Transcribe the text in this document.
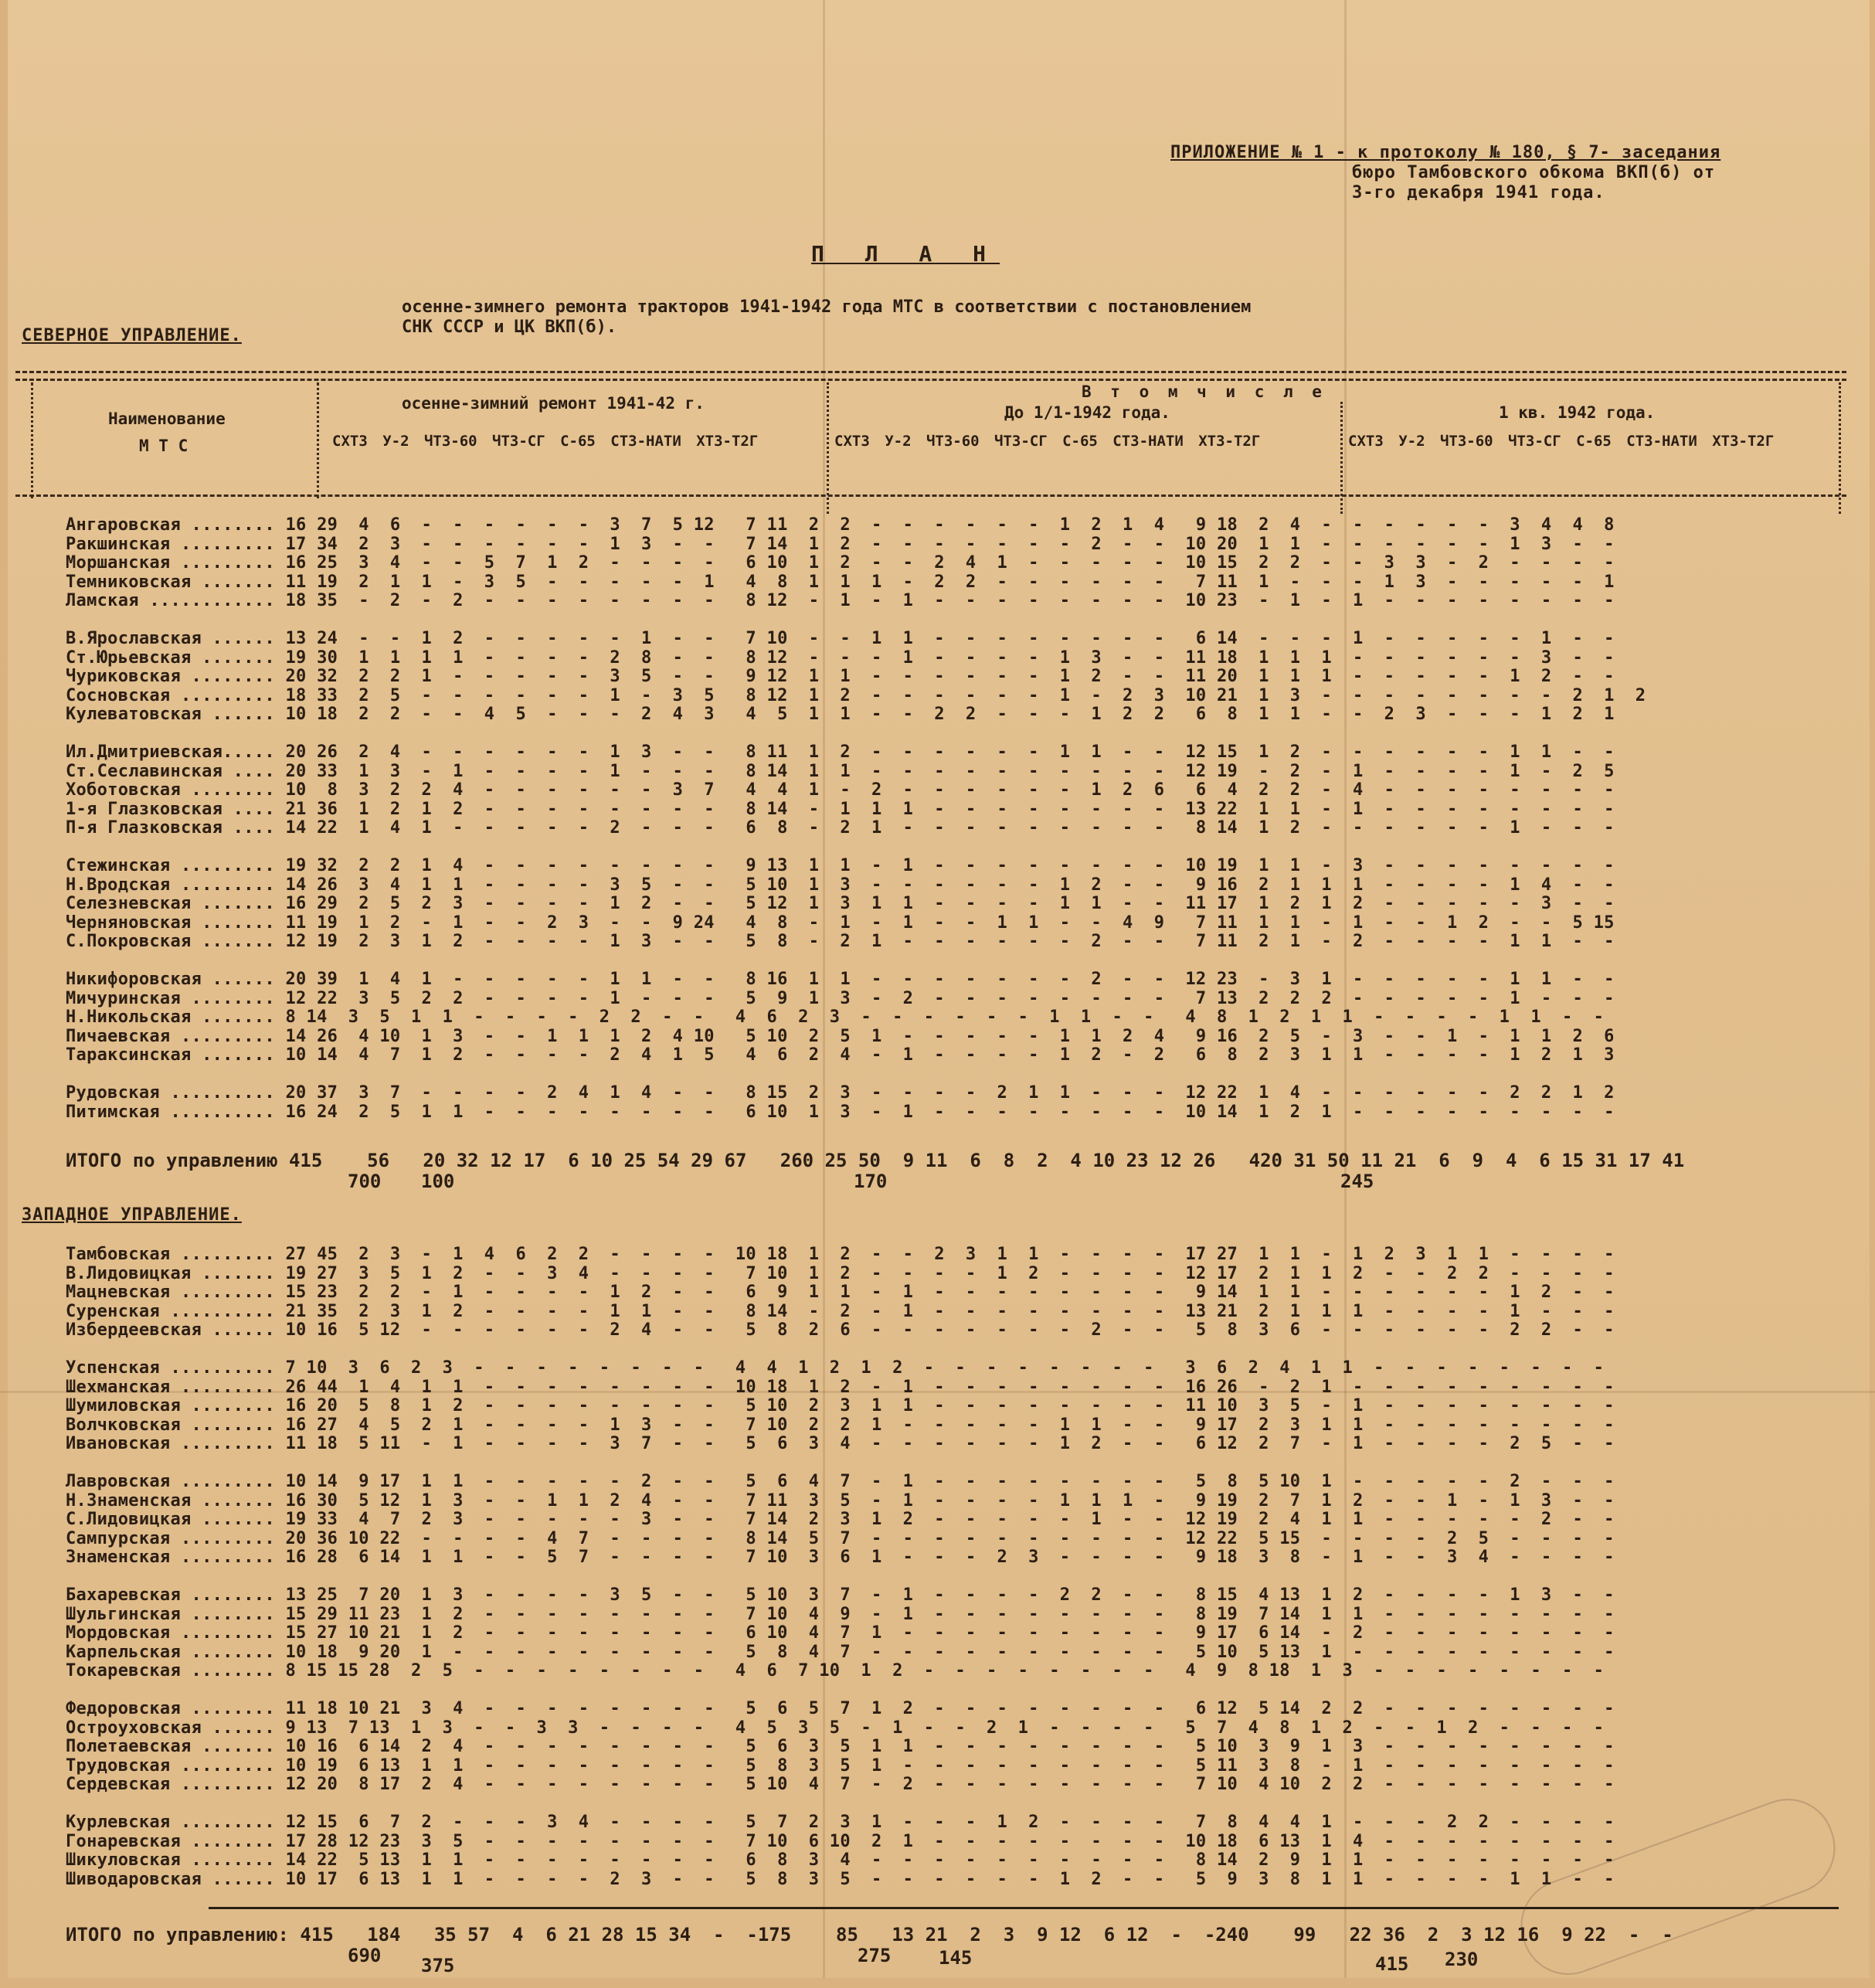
ПРИЛОЖЕНИЕ № 1 - к протоколу № 180, § 7- заседания
бюро Тамбовского обкома ВКП(б) от
3-го декабря 1941 года.
П Л А Н
осенне-зимнего ремонта тракторов 1941-1942 года МТС в соответствии с постановлением
СНК СССР и ЦК ВКП(б).
СЕВЕРНОЕ УПРАВЛЕНИЕ.
Наименование
М Т С
осенне-зимний ремонт 1941-42 г.
В т о м ч и с л е
До 1/1-1942 года.	1 кв. 1942 года.
СХТЗ У-2 ЧТЗ-60 ЧТЗ-СГ С-65 СТЗ-НАТИ ХТЗ-Т2Г	СХТЗ У-2 ЧТЗ-60 ЧТЗ-СГ С-65 СТЗ-НАТИ ХТЗ-Т2Г	СХТЗ У-2 ЧТЗ-60 ЧТЗ-СГ С-65 СТЗ-НАТИ ХТЗ-Т2Г
Ангаровская ........ 16 29  4  6  -  -  -  -  -  -  3  7  5 12   7 11  2  2  -  -  -  -  -  -  1  2  1  4   9 18  2  4  -  -  -  -  -  -  3  4  4  8
Ракшинская ......... 17 34  2  3  -  -  -  -  -  -  1  3  -  -   7 14  1  2  -  -  -  -  -  -  -  2  -  -  10 20  1  1  -  -  -  -  -  -  1  3  -  -
Моршанская ......... 16 25  3  4  -  -  5  7  1  2  -  -  -  -   6 10  1  2  -  -  2  4  1  -  -  -  -  -  10 15  2  2  -  -  3  3  -  2  -  -  -  -
Темниковская ....... 11 19  2  1  1  -  3  5  -  -  -  -  -  1   4  8  1  1  1  -  2  2  -  -  -  -  -  -   7 11  1  -  -  -  1  3  -  -  -  -  -  1
Ламская ............ 18 35  -  2  -  2  -  -  -  -  -  -  -  -   8 12  -  1  -  1  -  -  -  -  -  -  -  -  10 23  -  1  -  1  -  -  -  -  -  -  -  -
В.Ярославская ...... 13 24  -  -  1  2  -  -  -  -  -  1  -  -   7 10  -  -  1  1  -  -  -  -  -  -  -  -   6 14  -  -  -  1  -  -  -  -  -  1  -  -
Ст.Юрьевская ....... 19 30  1  1  1  1  -  -  -  -  2  8  -  -   8 12  -  -  -  1  -  -  -  -  1  3  -  -  11 18  1  1  1  -  -  -  -  -  -  3  -  -
Чуриковская ........ 20 32  2  2  1  -  -  -  -  -  3  5  -  -   9 12  1  1  -  -  -  -  -  -  1  2  -  -  11 20  1  1  1  -  -  -  -  -  1  2  -  -
Сосновская ......... 18 33  2  5  -  -  -  -  -  -  1  -  3  5   8 12  1  2  -  -  -  -  -  -  1  -  2  3  10 21  1  3  -  -  -  -  -  -  -  -  2  1  2
Кулеватовская ...... 10 18  2  2  -  -  4  5  -  -  -  2  4  3   4  5  1  1  -  -  2  2  -  -  -  1  2  2   6  8  1  1  -  -  2  3  -  -  -  1  2  1
Ил.Дмитриевская..... 20 26  2  4  -  -  -  -  -  -  1  3  -  -   8 11  1  2  -  -  -  -  -  -  1  1  -  -  12 15  1  2  -  -  -  -  -  -  1  1  -  -
Ст.Сеславинская .... 20 33  1  3  -  1  -  -  -  -  1  -  -  -   8 14  1  1  -  -  -  -  -  -  -  -  -  -  12 19  -  2  -  1  -  -  -  -  1  -  2  5
Хоботовская ........ 10  8  3  2  2  4  -  -  -  -  -  -  3  7   4  4  1  -  2  -  -  -  -  -  -  1  2  6   6  4  2  2  -  4  -  -  -  -  -  -  -  -
1-я Глазковская .... 21 36  1  2  1  2  -  -  -  -  -  -  -  -   8 14  -  1  1  1  -  -  -  -  -  -  -  -  13 22  1  1  -  1  -  -  -  -  -  -  -  -
П-я Глазковская .... 14 22  1  4  1  -  -  -  -  -  2  -  -  -   6  8  -  2  1  -  -  -  -  -  -  -  -  -   8 14  1  2  -  -  -  -  -  -  1  -  -  -
Стежинская ......... 19 32  2  2  1  4  -  -  -  -  -  -  -  -   9 13  1  1  -  1  -  -  -  -  -  -  -  -  10 19  1  1  -  3  -  -  -  -  -  -  -  -
Н.Вродская ......... 14 26  3  4  1  1  -  -  -  -  3  5  -  -   5 10  1  3  -  -  -  -  -  -  1  2  -  -   9 16  2  1  1  1  -  -  -  -  1  4  -  -
Селезневская ....... 16 29  2  5  2  3  -  -  -  -  1  2  -  -   5 12  1  3  1  1  -  -  -  -  1  1  -  -  11 17  1  2  1  2  -  -  -  -  -  3  -  -
Черняновская ....... 11 19  1  2  -  1  -  -  2  3  -  -  9 24   4  8  -  1  -  1  -  -  1  1  -  -  4  9   7 11  1  1  -  1  -  -  1  2  -  -  5 15
С.Покровская ....... 12 19  2  3  1  2  -  -  -  -  1  3  -  -   5  8  -  2  1  -  -  -  -  -  -  2  -  -   7 11  2  1  -  2  -  -  -  -  1  1  -  -
Никифоровская ...... 20 39  1  4  1  -  -  -  -  -  1  1  -  -   8 16  1  1  -  -  -  -  -  -  -  2  -  -  12 23  -  3  1  -  -  -  -  -  1  1  -  -
Мичуринская ........ 12 22  3  5  2  2  -  -  -  -  1  -  -  -   5  9  1  3  -  2  -  -  -  -  -  -  -  -   7 13  2  2  2  -  -  -  -  -  1  -  -  -
Н.Никольская ....... 8 14  3  5  1  1  -  -  -  -  2  2  -  -   4  6  2  3  -  -  -  -  -  -  1  1  -  -   4  8  1  2  1  1  -  -  -  -  1  1  -  -
Пичаевская ......... 14 26  4 10  1  3  -  -  1  1  1  2  4 10   5 10  2  5  1  -  -  -  -  -  1  1  2  4   9 16  2  5  -  3  -  -  1  -  1  1  2  6
Тараксинская ....... 10 14  4  7  1  2  -  -  -  -  2  4  1  5   4  6  2  4  -  1  -  -  -  -  1  2  -  2   6  8  2  3  1  1  -  -  -  -  1  2  1  3
Рудовская .......... 20 37  3  7  -  -  -  -  2  4  1  4  -  -   8 15  2  3  -  -  -  -  2  1  1  -  -  -  12 22  1  4  -  -  -  -  -  -  2  2  1  2
Питимская .......... 16 24  2  5  1  1  -  -  -  -  -  -  -  -   6 10  1  3  -  1  -  -  -  -  -  -  -  -  10 14  1  2  1  -  -  -  -  -  -  -  -  -
ИТОГО по управлению 415    56   20 32 12 17  6 10 25 54 29 67   260 25 50  9 11  6  8  2  4 10 23 12 26   420 31 50 11 21  6  9  4  6 15 31 17 41
700 100	170	245
ЗАПАДНОЕ УПРАВЛЕНИЕ.
Тамбовская ......... 27 45  2  3  -  1  4  6  2  2  -  -  -  -  10 18  1  2  -  -  2  3  1  1  -  -  -  -  17 27  1  1  -  1  2  3  1  1  -  -  -  -
В.Лидовицкая ....... 19 27  3  5  1  2  -  -  3  4  -  -  -  -   7 10  1  2  -  -  -  -  1  2  -  -  -  -  12 17  2  1  1  2  -  -  2  2  -  -  -  -
Мацневская ......... 15 23  2  2  -  1  -  -  -  -  1  2  -  -   6  9  1  1  -  1  -  -  -  -  -  -  -  -   9 14  1  1  -  -  -  -  -  -  1  2  -  -
Суренская .......... 21 35  2  3  1  2  -  -  -  -  1  1  -  -   8 14  -  2  -  1  -  -  -  -  -  -  -  -  13 21  2  1  1  1  -  -  -  -  1  -  -  -
Избердеевская ...... 10 16  5 12  -  -  -  -  -  -  2  4  -  -   5  8  2  6  -  -  -  -  -  -  -  2  -  -   5  8  3  6  -  -  -  -  -  -  2  2  -  -
Успенская .......... 7 10  3  6  2  3  -  -  -  -  -  -  -  -   4  4  1  2  1  2  -  -  -  -  -  -  -  -   3  6  2  4  1  1  -  -  -  -  -  -  -  -
Шехманская ......... 26 44  1  4  1  1  -  -  -  -  -  -  -  -  10 18  1  2  -  1  -  -  -  -  -  -  -  -  16 26  -  2  1  -  -  -  -  -  -  -  -  -
Шумиловская ........ 16 20  5  8  1  2  -  -  -  -  -  -  -  -   5 10  2  3  1  1  -  -  -  -  -  -  -  -  11 10  3  5  -  1  -  -  -  -  -  -  -  -
Волчковская ........ 16 27  4  5  2  1  -  -  -  -  1  3  -  -   7 10  2  2  1  -  -  -  -  -  1  1  -  -   9 17  2  3  1  1  -  -  -  -  -  -  -  -
Ивановская ......... 11 18  5 11  -  1  -  -  -  -  3  7  -  -   5  6  3  4  -  -  -  -  -  -  1  2  -  -   6 12  2  7  -  1  -  -  -  -  2  5  -  -
Лавровская ......... 10 14  9 17  1  1  -  -  -  -  -  2  -  -   5  6  4  7  -  1  -  -  -  -  -  -  -  -   5  8  5 10  1  -  -  -  -  -  2  -  -  -
Н.Знаменская ....... 16 30  5 12  1  3  -  -  1  1  2  4  -  -   7 11  3  5  -  1  -  -  -  -  1  1  1  -   9 19  2  7  1  2  -  -  1  -  1  3  -  -
С.Лидовицкая ....... 19 33  4  7  2  3  -  -  -  -  -  3  -  -   7 14  2  3  1  2  -  -  -  -  -  1  -  -  12 19  2  4  1  1  -  -  -  -  -  2  -  -
Сампурская ......... 20 36 10 22  -  -  -  -  4  7  -  -  -  -   8 14  5  7  -  -  -  -  -  -  -  -  -  -  12 22  5 15  -  -  -  -  2  5  -  -  -  -
Знаменская ......... 16 28  6 14  1  1  -  -  5  7  -  -  -  -   7 10  3  6  1  -  -  -  2  3  -  -  -  -   9 18  3  8  -  1  -  -  3  4  -  -  -  -
Бахаревская ........ 13 25  7 20  1  3  -  -  -  -  3  5  -  -   5 10  3  7  -  1  -  -  -  -  2  2  -  -   8 15  4 13  1  2  -  -  -  -  1  3  -  -
Шульгинская ........ 15 29 11 23  1  2  -  -  -  -  -  -  -  -   7 10  4  9  -  1  -  -  -  -  -  -  -  -   8 19  7 14  1  1  -  -  -  -  -  -  -  -
Мордовская ......... 15 27 10 21  1  2  -  -  -  -  -  -  -  -   6 10  4  7  1  -  -  -  -  -  -  -  -  -   9 17  6 14  -  2  -  -  -  -  -  -  -  -
Карпельская ........ 10 18  9 20  1  -  -  -  -  -  -  -  -  -   5  8  4  7  -  -  -  -  -  -  -  -  -  -   5 10  5 13  1  -  -  -  -  -  -  -  -  -
Токаревская ........ 8 15 15 28  2  5  -  -  -  -  -  -  -  -   4  6  7 10  1  2  -  -  -  -  -  -  -  -   4  9  8 18  1  3  -  -  -  -  -  -  -  -
Федоровская ........ 11 18 10 21  3  4  -  -  -  -  -  -  -  -   5  6  5  7  1  2  -  -  -  -  -  -  -  -   6 12  5 14  2  2  -  -  -  -  -  -  -  -
Остроуховская ...... 9 13  7 13  1  3  -  -  3  3  -  -  -  -   4  5  3  5  -  1  -  -  2  1  -  -  -  -   5  7  4  8  1  2  -  -  1  2  -  -  -  -
Полетаевская ....... 10 16  6 14  2  4  -  -  -  -  -  -  -  -   5  6  3  5  1  1  -  -  -  -  -  -  -  -   5 10  3  9  1  3  -  -  -  -  -  -  -  -
Трудовская ......... 10 19  6 13  1  1  -  -  -  -  -  -  -  -   5  8  3  5  1  -  -  -  -  -  -  -  -  -   5 11  3  8  -  1  -  -  -  -  -  -  -  -
Сердевская ......... 12 20  8 17  2  4  -  -  -  -  -  -  -  -   5 10  4  7  -  2  -  -  -  -  -  -  -  -   7 10  4 10  2  2  -  -  -  -  -  -  -  -
Курлевская ......... 12 15  6  7  2  -  -  -  3  4  -  -  -  -   5  7  2  3  1  -  -  -  1  2  -  -  -  -   7  8  4  4  1  -  -  -  2  2  -  -  -  -
Гонаревская ........ 17 28 12 23  3  5  -  -  -  -  -  -  -  -   7 10  6 10  2  1  -  -  -  -  -  -  -  -  10 18  6 13  1  4  -  -  -  -  -  -  -  -
Шикуловская ........ 14 22  5 13  1  1  -  -  -  -  -  -  -  -   6  8  3  4  -  -  -  -  -  -  -  -  -  -   8 14  2  9  1  1  -  -  -  -  -  -  -  -
Шиводаровская ...... 10 17  6 13  1  1  -  -  -  -  2  3  -  -   5  8  3  5  -  -  -  -  -  -  1  2  -  -   5  9  3  8  1  1  -  -  -  -  1  1  -  -
ИТОГО по управлению: 415   184   35 57  4  6 21 28 15 34  -  -175    85   13 21  2  3  9 12  6 12  -  -240    99   22 36  2  3 12 16  9 22  -  -
690 375	275	145	415 230
